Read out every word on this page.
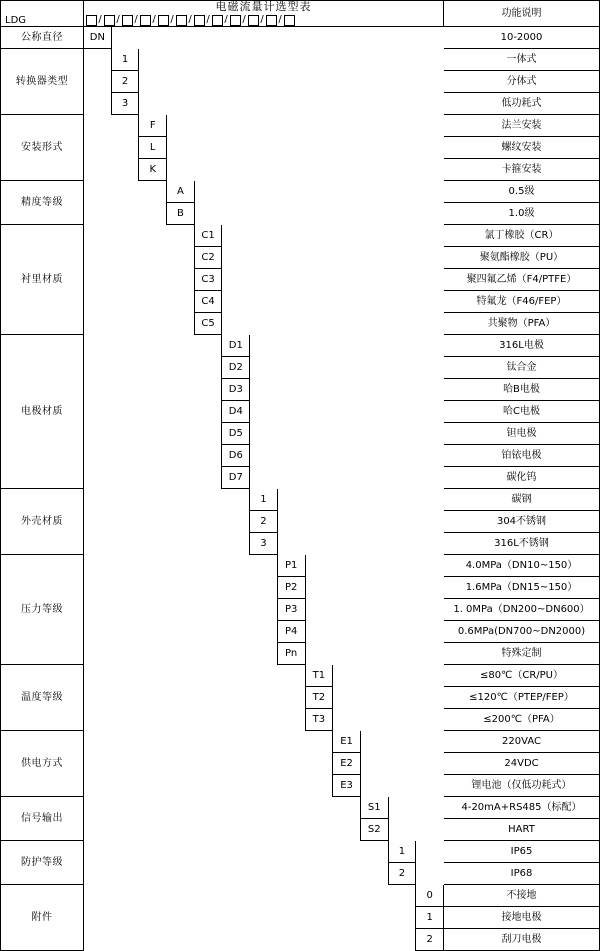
LDG	
电磁流量计选型表
/ / / / / / / / / / /
	功能说明
公称直径	DN													10-2000
转换器类型		1												一体式
		2												分体式
		3												低功耗式
安装形式			F											法兰安装
			L											螺纹安装
			K											卡箍安装
精度等级				A										0.5级
				B										1.0级
衬里材质					C1									氯丁橡胶（CR）
					C2									聚氨酯橡胶（PU）
					C3									聚四氟乙烯（F4/PTFE）
					C4									特氟龙（F46/FEP）
					C5									共聚物（PFA）
电极材质						D1								316L电极
						D2								钛合金
						D3								哈B电极
						D4								哈C电极
						D5								钽电极
						D6								铂铱电极
						D7								碳化钨
外壳材质							1							碳钢
							2							304不锈钢
							3							316L不锈钢
压力等级								P1						4.0MPa（DN10~150）
								P2						1.6MPa（DN15~150）
								P3						1. 0MPa（DN200~DN600）
								P4						0.6MPa(DN700~DN2000)
								Pn						特殊定制
温度等级									T1					≤80℃（CR/PU）
									T2					≤120℃（PTEP/FEP）
									T3					≤200℃（PFA）
供电方式										E1				220VAC
										E2				24VDC
										E3				锂电池（仅低功耗式）
信号输出											S1			4-20mA+RS485（标配）
											S2			HART
防护等级												1		IP65
												2		IP68
附件													0	不接地
													1	接地电极
													2	刮刀电极
